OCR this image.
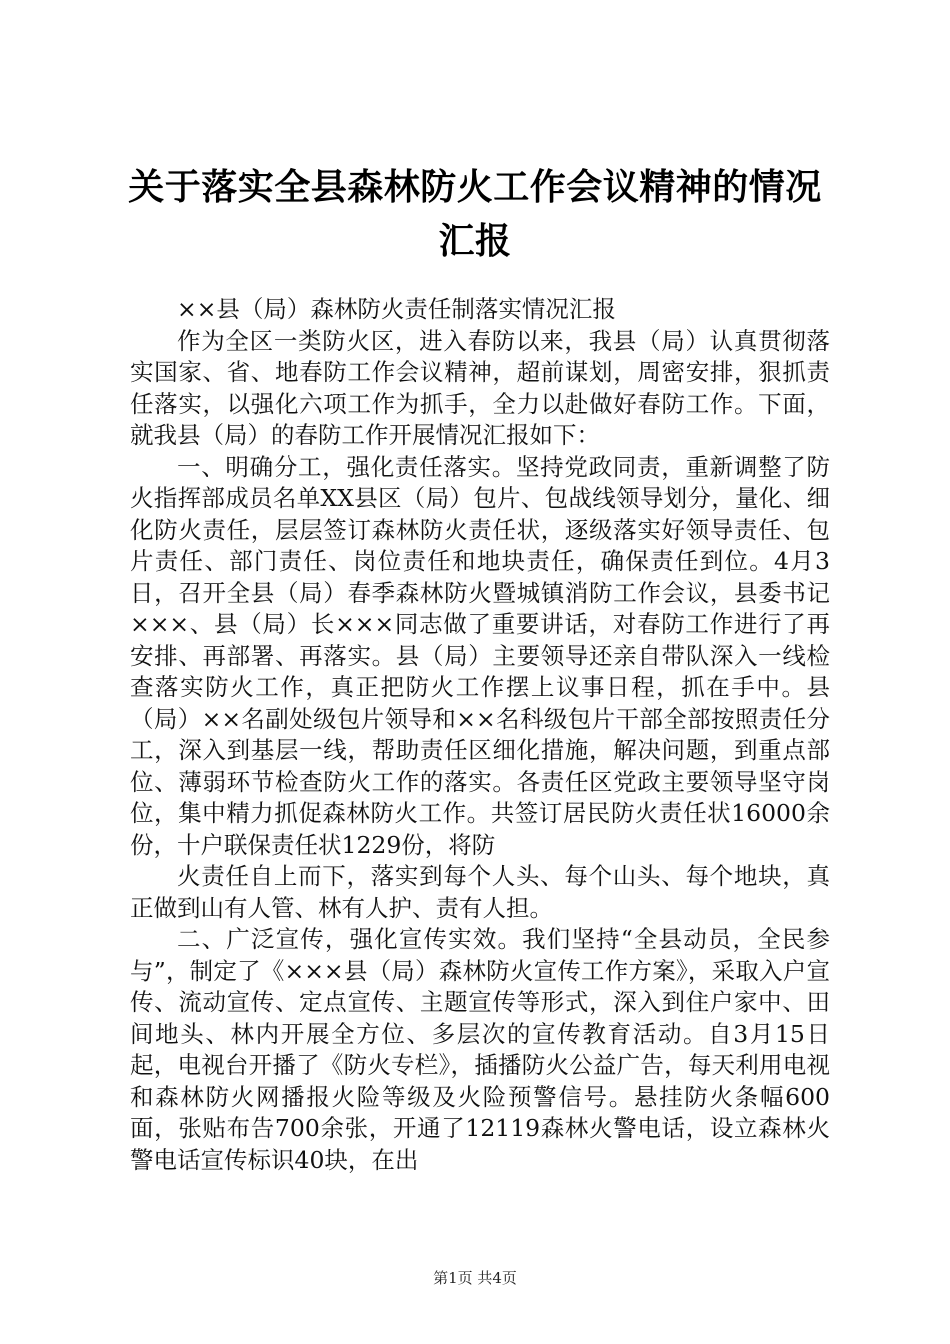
关于落实全县森林防火工作会议精神的情况汇报

××县（局）森林防火责任制落实情况汇报

作为全区一类防火区，进入春防以来，我县（局）认真贯彻落实国家、省、地春防工作会议精神，超前谋划，周密安排，狠抓责任落实，以强化六项工作为抓手，全力以赴做好春防工作。下面，就我县（局）的春防工作开展情况汇报如下：

一、明确分工，强化责任落实。坚持党政同责，重新调整了防火指挥部成员名单XX县区（局）包片、包战线领导划分，量化、细化防火责任，层层签订森林防火责任状，逐级落实好领导责任、包片责任、部门责任、岗位责任和地块责任，确保责任到位。4月3日，召开全县（局）春季森林防火暨城镇消防工作会议，县委书记×××、县（局）长×××同志做了重要讲话，对春防工作进行了再安排、再部署、再落实。县（局）主要领导还亲自带队深入一线检查落实防火工作，真正把防火工作摆上议事日程，抓在手中。县（局）××名副处级包片领导和××名科级包片干部全部按照责任分工，深入到基层一线，帮助责任区细化措施，解决问题，到重点部位、薄弱环节检查防火工作的落实。各责任区党政主要领导坚守岗位，集中精力抓促森林防火工作。共签订居民防火责任状16000余份，十户联保责任状1229份，将防

火责任自上而下，落实到每个人头、每个山头、每个地块，真正做到山有人管、林有人护、责有人担。

二、广泛宣传，强化宣传实效。我们坚持“全县动员，全民参与”，制定了《×××县（局）森林防火宣传工作方案》，采取入户宣传、流动宣传、定点宣传、主题宣传等形式，深入到住户家中、田间地头、林内开展全方位、多层次的宣传教育活动。自3月15日起，电视台开播了《防火专栏》，插播防火公益广告，每天利用电视和森林防火网播报火险等级及火险预警信号。悬挂防火条幅600面，张贴布告700余张，开通了12119森林火警电话，设立森林火警电话宣传标识40块，在出

第1页 共4页
